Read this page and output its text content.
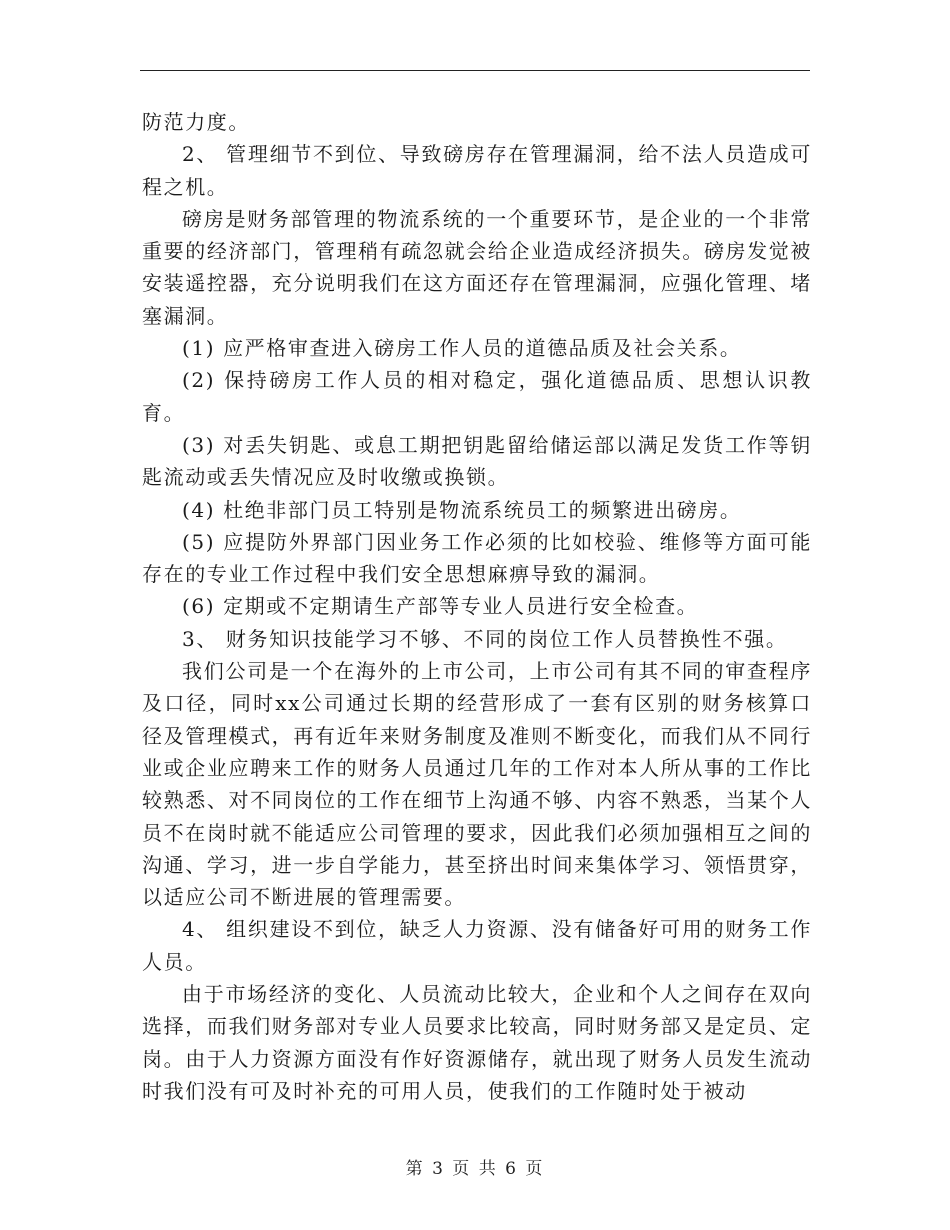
防范力度。

2、 管理细节不到位、导致磅房存在管理漏洞，给不法人员造成可程之机。

磅房是财务部管理的物流系统的一个重要环节，是企业的一个非常重要的经济部门，管理稍有疏忽就会给企业造成经济损失。磅房发觉被安装遥控器，充分说明我们在这方面还存在管理漏洞，应强化管理、堵塞漏洞。

(1) 应严格审查进入磅房工作人员的道德品质及社会关系。

(2) 保持磅房工作人员的相对稳定，强化道德品质、思想认识教育。

(3) 对丢失钥匙、或息工期把钥匙留给储运部以满足发货工作等钥匙流动或丢失情况应及时收缴或换锁。

(4) 杜绝非部门员工特别是物流系统员工的频繁进出磅房。

(5) 应提防外界部门因业务工作必须的比如校验、维修等方面可能存在的专业工作过程中我们安全思想麻痹导致的漏洞。

(6) 定期或不定期请生产部等专业人员进行安全检查。

3、 财务知识技能学习不够、不同的岗位工作人员替换性不强。

我们公司是一个在海外的上市公司，上市公司有其不同的审查程序及口径，同时xx公司通过长期的经营形成了一套有区别的财务核算口径及管理模式，再有近年来财务制度及准则不断变化，而我们从不同行业或企业应聘来工作的财务人员通过几年的工作对本人所从事的工作比较熟悉、对不同岗位的工作在细节上沟通不够、内容不熟悉，当某个人员不在岗时就不能适应公司管理的要求，因此我们必须加强相互之间的沟通、学习，进一步自学能力，甚至挤出时间来集体学习、领悟贯穿，以适应公司不断进展的管理需要。

4、 组织建设不到位，缺乏人力资源、没有储备好可用的财务工作人员。

由于市场经济的变化、人员流动比较大，企业和个人之间存在双向选择，而我们财务部对专业人员要求比较高，同时财务部又是定员、定岗。由于人力资源方面没有作好资源储存，就出现了财务人员发生流动时我们没有可及时补充的可用人员，使我们的工作随时处于被动

第 3 页 共 6 页
